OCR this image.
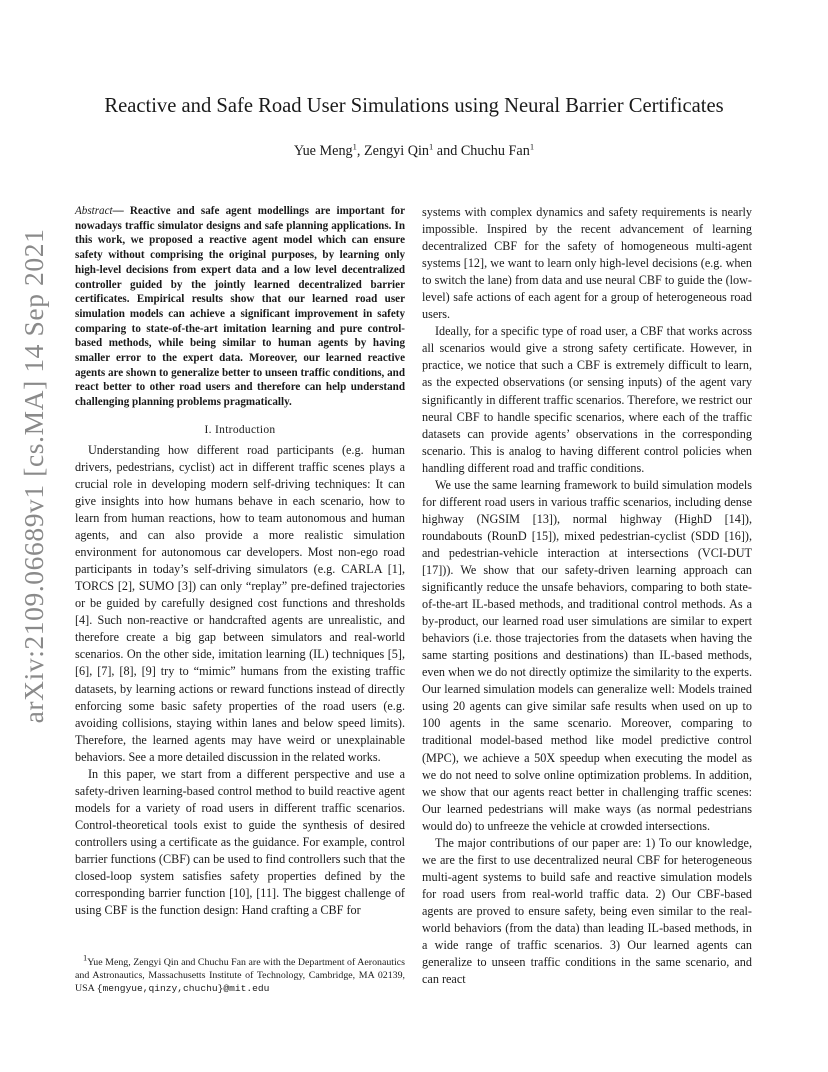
arXiv:2109.06689v1 [cs.MA] 14 Sep 2021
Reactive and Safe Road User Simulations using Neural Barrier Certificates

Yue Meng$^1$, Zengyi Qin$^1$ and Chuchu Fan$^1$

Abstract— Reactive and safe agent modellings are important for nowadays traffic simulator designs and safe planning applications. In this work, we proposed a reactive agent model which can ensure safety without comprising the original purposes, by learning only high-level decisions from expert data and a low level decentralized controller guided by the jointly learned decentralized barrier certificates. Empirical results show that our learned road user simulation models can achieve a significant improvement in safety comparing to state-of-the-art imitation learning and pure control-based methods, while being similar to human agents by having smaller error to the expert data. Moreover, our learned reactive agents are shown to generalize better to unseen traffic conditions, and react better to other road users and therefore can help understand challenging planning problems pragmatically.

I. Introduction

Understanding how different road participants (e.g. human drivers, pedestrians, cyclist) act in different traffic scenes plays a crucial role in developing modern self-driving techniques: It can give insights into how humans behave in each scenario, how to learn from human reactions, how to team autonomous and human agents, and can also provide a more realistic simulation environment for autonomous car developers. Most non-ego road participants in today’s self-driving simulators (e.g. CARLA [1], TORCS [2], SUMO [3]) can only “replay” pre-defined trajectories or be guided by carefully designed cost functions and thresholds [4]. Such non-reactive or handcrafted agents are unrealistic, and therefore create a big gap between simulators and real-world scenarios. On the other side, imitation learning (IL) techniques [5], [6], [7], [8], [9] try to “mimic” humans from the existing traffic datasets, by learning actions or reward functions instead of directly enforcing some basic safety properties of the road users (e.g. avoiding collisions, staying within lanes and below speed limits). Therefore, the learned agents may have weird or unexplainable behaviors. See a more detailed discussion in the related works.

In this paper, we start from a different perspective and use a safety-driven learning-based control method to build reactive agent models for a variety of road users in different traffic scenarios. Control-theoretical tools exist to guide the synthesis of desired controllers using a certificate as the guidance. For example, control barrier functions (CBF) can be used to find controllers such that the closed-loop system satisfies safety properties defined by the corresponding barrier function [10], [11]. The biggest challenge of using CBF is the function design: Hand crafting a CBF for

$^1$Yue Meng, Zengyi Qin and Chuchu Fan are with the Department of Aeronautics and Astronautics, Massachusetts Institute of Technology, Cambridge, MA 02139, USA {mengyue,qinzy,chuchu}@mit.edu

systems with complex dynamics and safety requirements is nearly impossible. Inspired by the recent advancement of learning decentralized CBF for the safety of homogeneous multi-agent systems [12], we want to learn only high-level decisions (e.g. when to switch the lane) from data and use neural CBF to guide the (low-level) safe actions of each agent for a group of heterogeneous road users.

Ideally, for a specific type of road user, a CBF that works across all scenarios would give a strong safety certificate. However, in practice, we notice that such a CBF is extremely difficult to learn, as the expected observations (or sensing inputs) of the agent vary significantly in different traffic scenarios. Therefore, we restrict our neural CBF to handle specific scenarios, where each of the traffic datasets can provide agents’ observations in the corresponding scenario. This is analog to having different control policies when handling different road and traffic conditions.

We use the same learning framework to build simulation models for different road users in various traffic scenarios, including dense highway (NGSIM [13]), normal highway (HighD [14]), roundabouts (RounD [15]), mixed pedestrian-cyclist (SDD [16]), and pedestrian-vehicle interaction at intersections (VCI-DUT [17])). We show that our safety-driven learning approach can significantly reduce the unsafe behaviors, comparing to both state-of-the-art IL-based methods, and traditional control methods. As a by-product, our learned road user simulations are similar to expert behaviors (i.e. those trajectories from the datasets when having the same starting positions and destinations) than IL-based methods, even when we do not directly optimize the similarity to the experts. Our learned simulation models can generalize well: Models trained using 20 agents can give similar safe results when used on up to 100 agents in the same scenario. Moreover, comparing to traditional model-based method like model predictive control (MPC), we achieve a 50X speedup when executing the model as we do not need to solve online optimization problems. In addition, we show that our agents react better in challenging traffic scenes: Our learned pedestrians will make ways (as normal pedestrians would do) to unfreeze the vehicle at crowded intersections.

The major contributions of our paper are: 1) To our knowledge, we are the first to use decentralized neural CBF for heterogeneous multi-agent systems to build safe and reactive simulation models for road users from real-world traffic data. 2) Our CBF-based agents are proved to ensure safety, being even similar to the real-world behaviors (from the data) than leading IL-based methods, in a wide range of traffic scenarios. 3) Our learned agents can generalize to unseen traffic conditions in the same scenario, and can react
